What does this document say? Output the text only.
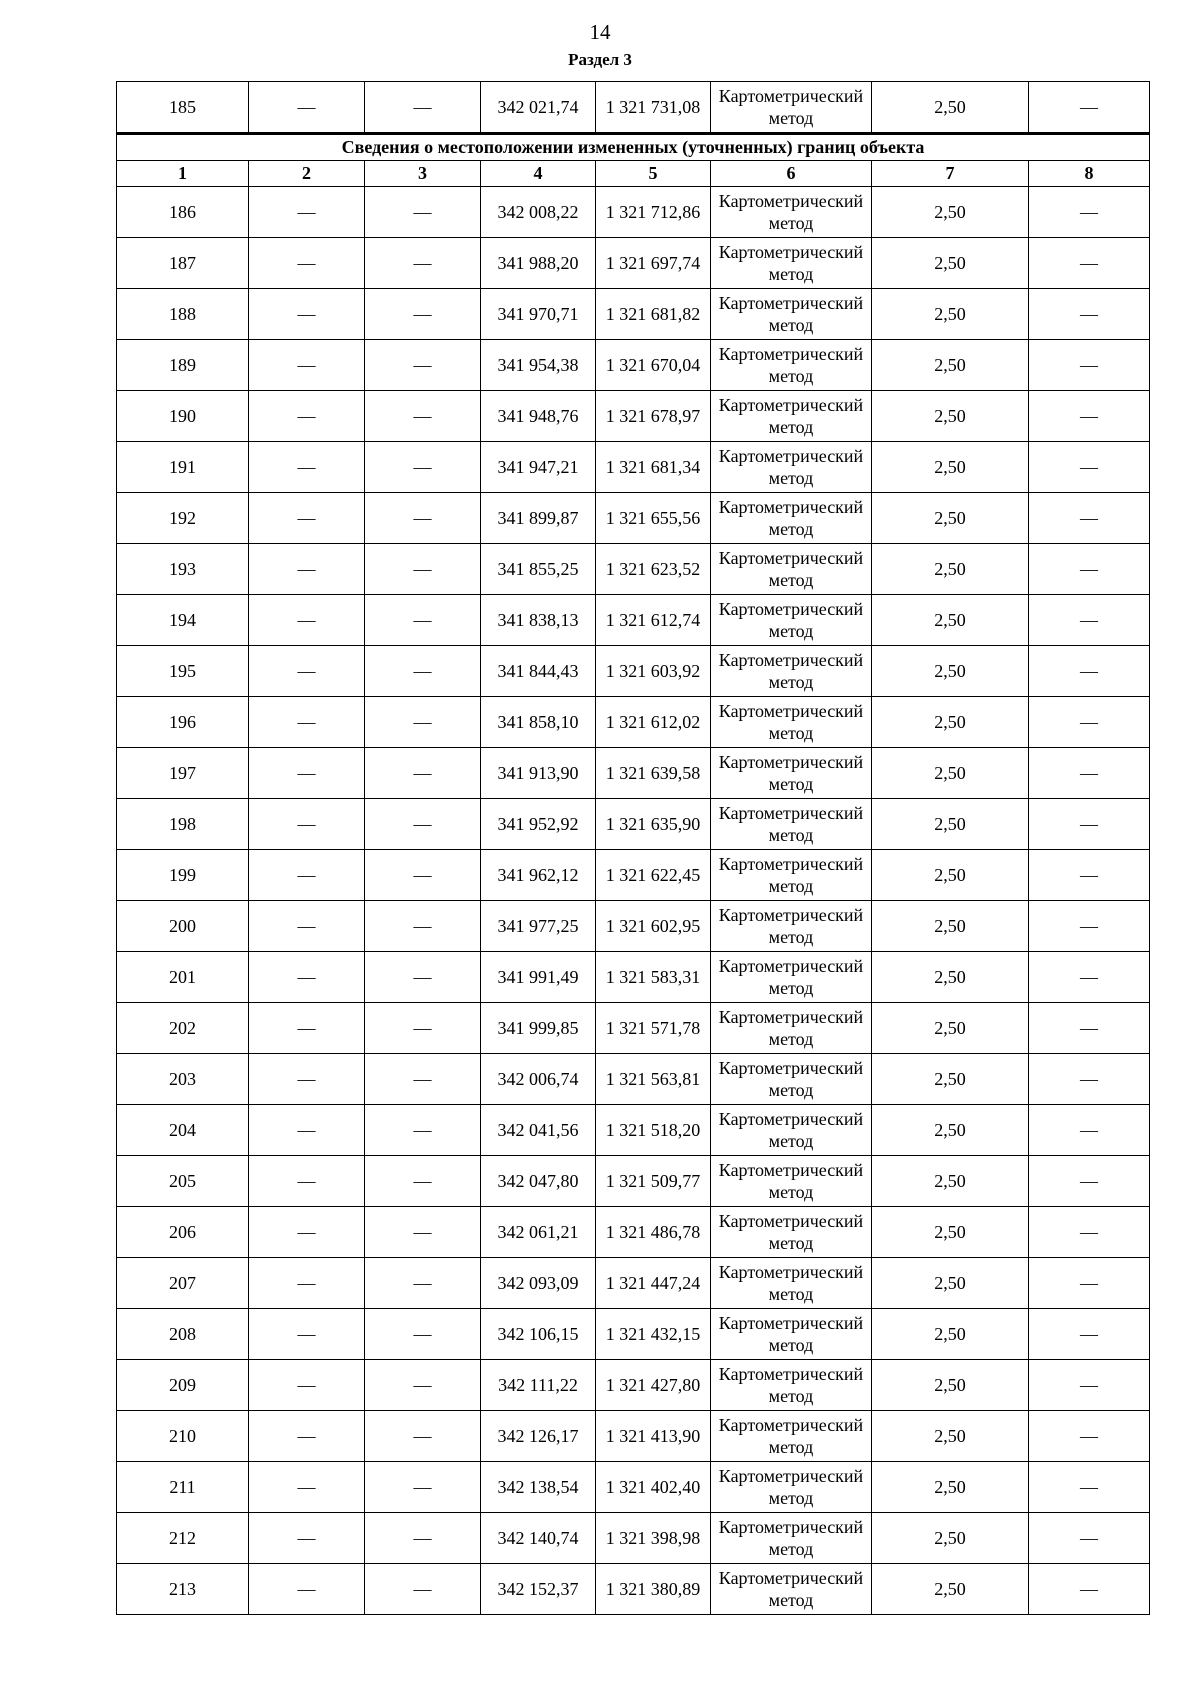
14
Раздел 3
185	—	—	342 021,74	1 321 731,08	Картометрический метод	2,50	—
Сведения о местоположении измененных (уточненных) границ объекта							
1	2	3	4	5	6	7	8
186	—	—	342 008,22	1 321 712,86	Картометрический метод	2,50	—
187	—	—	341 988,20	1 321 697,74	Картометрический метод	2,50	—
188	—	—	341 970,71	1 321 681,82	Картометрический метод	2,50	—
189	—	—	341 954,38	1 321 670,04	Картометрический метод	2,50	—
190	—	—	341 948,76	1 321 678,97	Картометрический метод	2,50	—
191	—	—	341 947,21	1 321 681,34	Картометрический метод	2,50	—
192	—	—	341 899,87	1 321 655,56	Картометрический метод	2,50	—
193	—	—	341 855,25	1 321 623,52	Картометрический метод	2,50	—
194	—	—	341 838,13	1 321 612,74	Картометрический метод	2,50	—
195	—	—	341 844,43	1 321 603,92	Картометрический метод	2,50	—
196	—	—	341 858,10	1 321 612,02	Картометрический метод	2,50	—
197	—	—	341 913,90	1 321 639,58	Картометрический метод	2,50	—
198	—	—	341 952,92	1 321 635,90	Картометрический метод	2,50	—
199	—	—	341 962,12	1 321 622,45	Картометрический метод	2,50	—
200	—	—	341 977,25	1 321 602,95	Картометрический метод	2,50	—
201	—	—	341 991,49	1 321 583,31	Картометрический метод	2,50	—
202	—	—	341 999,85	1 321 571,78	Картометрический метод	2,50	—
203	—	—	342 006,74	1 321 563,81	Картометрический метод	2,50	—
204	—	—	342 041,56	1 321 518,20	Картометрический метод	2,50	—
205	—	—	342 047,80	1 321 509,77	Картометрический метод	2,50	—
206	—	—	342 061,21	1 321 486,78	Картометрический метод	2,50	—
207	—	—	342 093,09	1 321 447,24	Картометрический метод	2,50	—
208	—	—	342 106,15	1 321 432,15	Картометрический метод	2,50	—
209	—	—	342 111,22	1 321 427,80	Картометрический метод	2,50	—
210	—	—	342 126,17	1 321 413,90	Картометрический метод	2,50	—
211	—	—	342 138,54	1 321 402,40	Картометрический метод	2,50	—
212	—	—	342 140,74	1 321 398,98	Картометрический метод	2,50	—
213	—	—	342 152,37	1 321 380,89	Картометрический метод	2,50	—
